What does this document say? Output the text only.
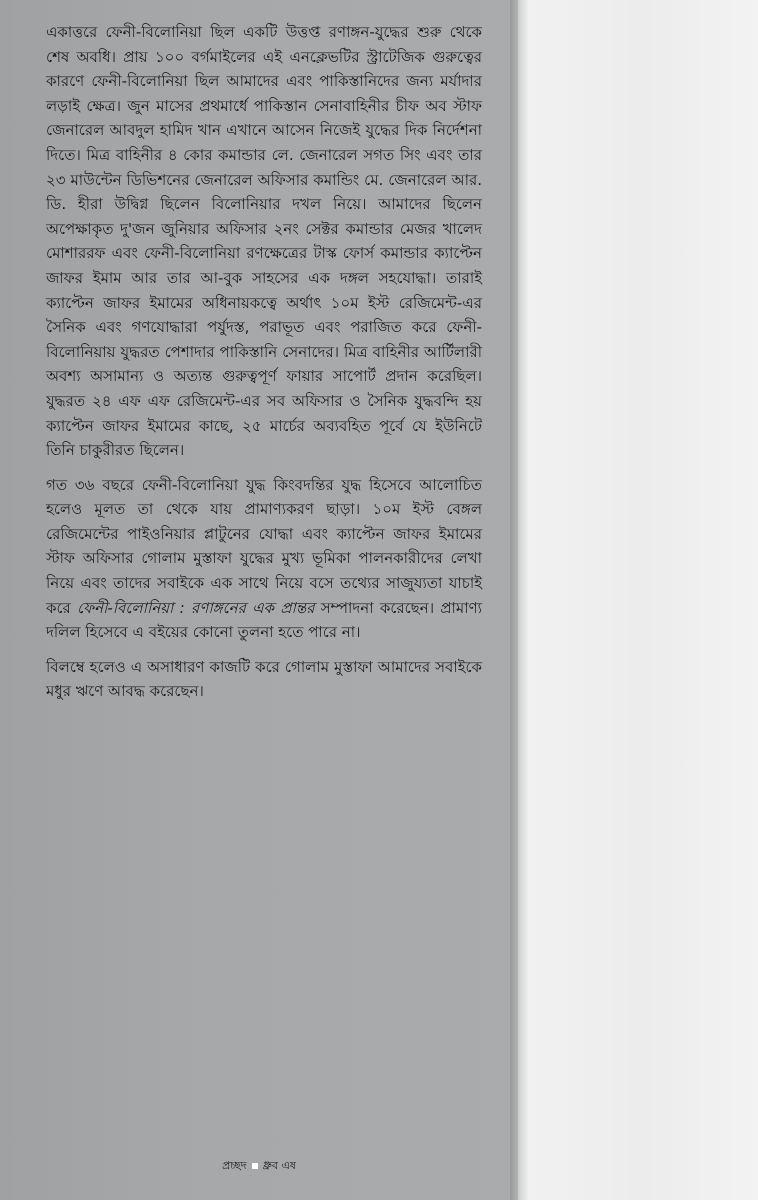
একাত্তরে ফেনী-বিলোনিয়া ছিল একটি উত্তপ্ত রণাঙ্গন-যুদ্ধের শুরু থেকে শেষ অবধি। প্রায় ১০০ বর্গমাইলের এই এনক্লেভটির স্ট্রাটেজিক গুরুত্বের কারণে ফেনী-বিলোনিয়া ছিল আমাদের এবং পাকিস্তানিদের জন্য মর্যাদার লড়াই ক্ষেত্র। জুন মাসের প্রথমার্ধে পাকিস্তান সেনাবাহিনীর চীফ অব স্টাফ জেনারেল আবদুল হামিদ খান এখানে আসেন নিজেই যুদ্ধের দিক নির্দেশনা দিতে। মিত্র বাহিনীর ৪ কোর কমান্ডার লে. জেনারেল সগত সিং এবং তার ২৩ মাউন্টেন ডিভিশনের জেনারেল অফিসার কমান্ডিং মে. জেনারেল আর. ডি. হীরা উদ্বিগ্ন ছিলেন বিলোনিয়ার দখল নিয়ে। আমাদের ছিলেন অপেক্ষাকৃত দু'জন জুনিয়ার অফিসার ২নং সেক্টর কমান্ডার মেজর খালেদ মোশাররফ এবং ফেনী-বিলোনিয়া রণক্ষেত্রের টাস্ক ফোর্স কমান্ডার ক্যাপ্টেন জাফর ইমাম আর তার আ-বুক সাহসের এক দঙ্গল সহযোদ্ধা। তারাই ক্যাপ্টেন জাফর ইমামের অধিনায়কত্বে অর্থাৎ ১০ম ইস্ট রেজিমেন্ট-এর সৈনিক এবং গণযোদ্ধারা পর্যুদস্ত, পরাভূত এবং পরাজিত করে ফেনী-বিলোনিয়ায় যুদ্ধরত পেশাদার পাকিস্তানি সেনাদের। মিত্র বাহিনীর আর্টিলারী অবশ্য অসামান্য ও অত্যন্ত গুরুত্বপূর্ণ ফায়ার সাপোর্ট প্রদান করেছিল। যুদ্ধরত ২৪ এফ এফ রেজিমেন্ট-এর সব অফিসার ও সৈনিক যুদ্ধবন্দি হয় ক্যাপ্টেন জাফর ইমামের কাছে, ২৫ মার্চের অব্যবহিত পূর্বে যে ইউনিটে তিনি চাকুরীরত ছিলেন।

গত ৩৬ বছরে ফেনী-বিলোনিয়া যুদ্ধ কিংবদন্তির যুদ্ধ হিসেবে আলোচিত হলেও মূলত তা থেকে যায় প্রামাণ্যকরণ ছাড়া। ১০ম ইস্ট বেঙ্গল রেজিমেন্টের পাইওনিয়ার প্লাটুনের যোদ্ধা এবং ক্যাপ্টেন জাফর ইমামের স্টাফ অফিসার গোলাম মুস্তাফা যুদ্ধের মুখ্য ভূমিকা পালনকারীদের লেখা নিয়ে এবং তাদের সবাইকে এক সাথে নিয়ে বসে তথ্যের সাজুয্যতা যাচাই করে ফেনী-বিলোনিয়া : রণাঙ্গনের এক প্রান্তর সম্পাদনা করেছেন। প্রামাণ্য দলিল হিসেবে এ বইয়ের কোনো তুলনা হতে পারে না।

বিলম্বে হলেও এ অসাধারণ কাজটি করে গোলাম মুস্তাফা আমাদের সবাইকে মধুর ঋণে আবদ্ধ করেছেন।

প্রচ্ছদ ধ্রুব এষ
